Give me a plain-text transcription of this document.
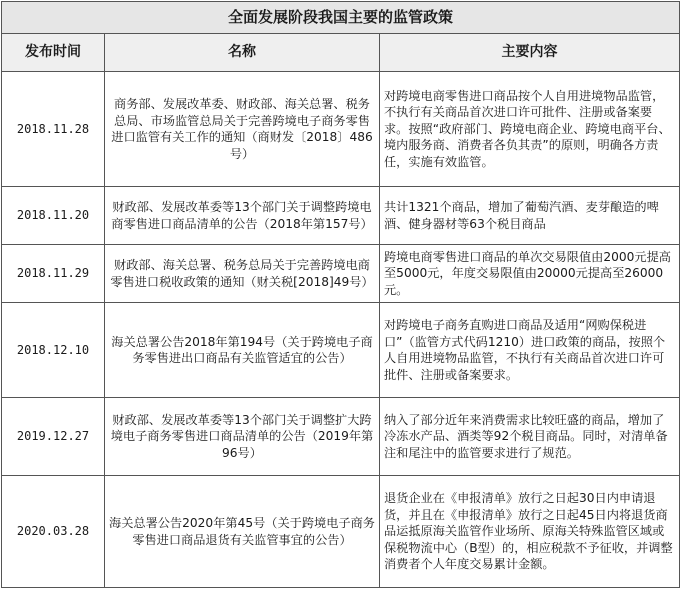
全面发展阶段我国主要的监管政策		
发布时间	名称	主要内容
2018.11.28	商务部、发展改革委、财政部、海关总署、税务总局、市场监管总局关于完善跨境电子商务零售进口监管有关工作的通知（商财发〔2018〕486 号）	对跨境电商零售进口商品按个人自用进境物品监管，不执行有关商品首次进口许可批件、注册或备案要求。按照“政府部门、跨境电商企业、跨境电商平台、境内服务商、消费者各负其责”的原则，明确各方责任，实施有效监管。
2018.11.20	财政部、发展改革委等13个部门关于调整跨境电商零售进口商品清单的公告（2018年第157号）	共计1321个商品，增加了葡萄汽酒、麦芽酿造的啤酒、健身器材等63个税目商品
2018.11.29	财政部、海关总署、税务总局关于完善跨境电商零售进口税收政策的通知（财关税[2018]49号）	跨境电商零售进口商品的单次交易限值由2000元提高至5000元，年度交易限值由20000元提高至26000元。
2018.12.10	海关总署公告2018年第194号（关于跨境电子商务零售进出口商品有关监管适宜的公告）	对跨境电子商务直购进口商品及适用“网购保税进口”（监管方式代码1210）进口政策的商品，按照个人自用进境物品监管，不执行有关商品首次进口许可批件、注册或备案要求。
2019.12.27	财政部、发展改革委等13个部门关于调整扩大跨境电子商务零售进口商品清单的公告（2019年第96号）	纳入了部分近年来消费需求比较旺盛的商品，增加了冷冻水产品、酒类等92个税目商品。同时，对清单备注和尾注中的监管要求进行了规范。
2020.03.28	海关总署公告2020年第45号（关于跨境电子商务零售进口商品退货有关监管事宜的公告）	退货企业在《申报清单》放行之日起30日内申请退货，并且在《申报清单》放行之日起45日内将退货商品运抵原海关监管作业场所、原海关特殊监管区域或保税物流中心（B型）的，相应税款不予征收，并调整消费者个人年度交易累计金额。
